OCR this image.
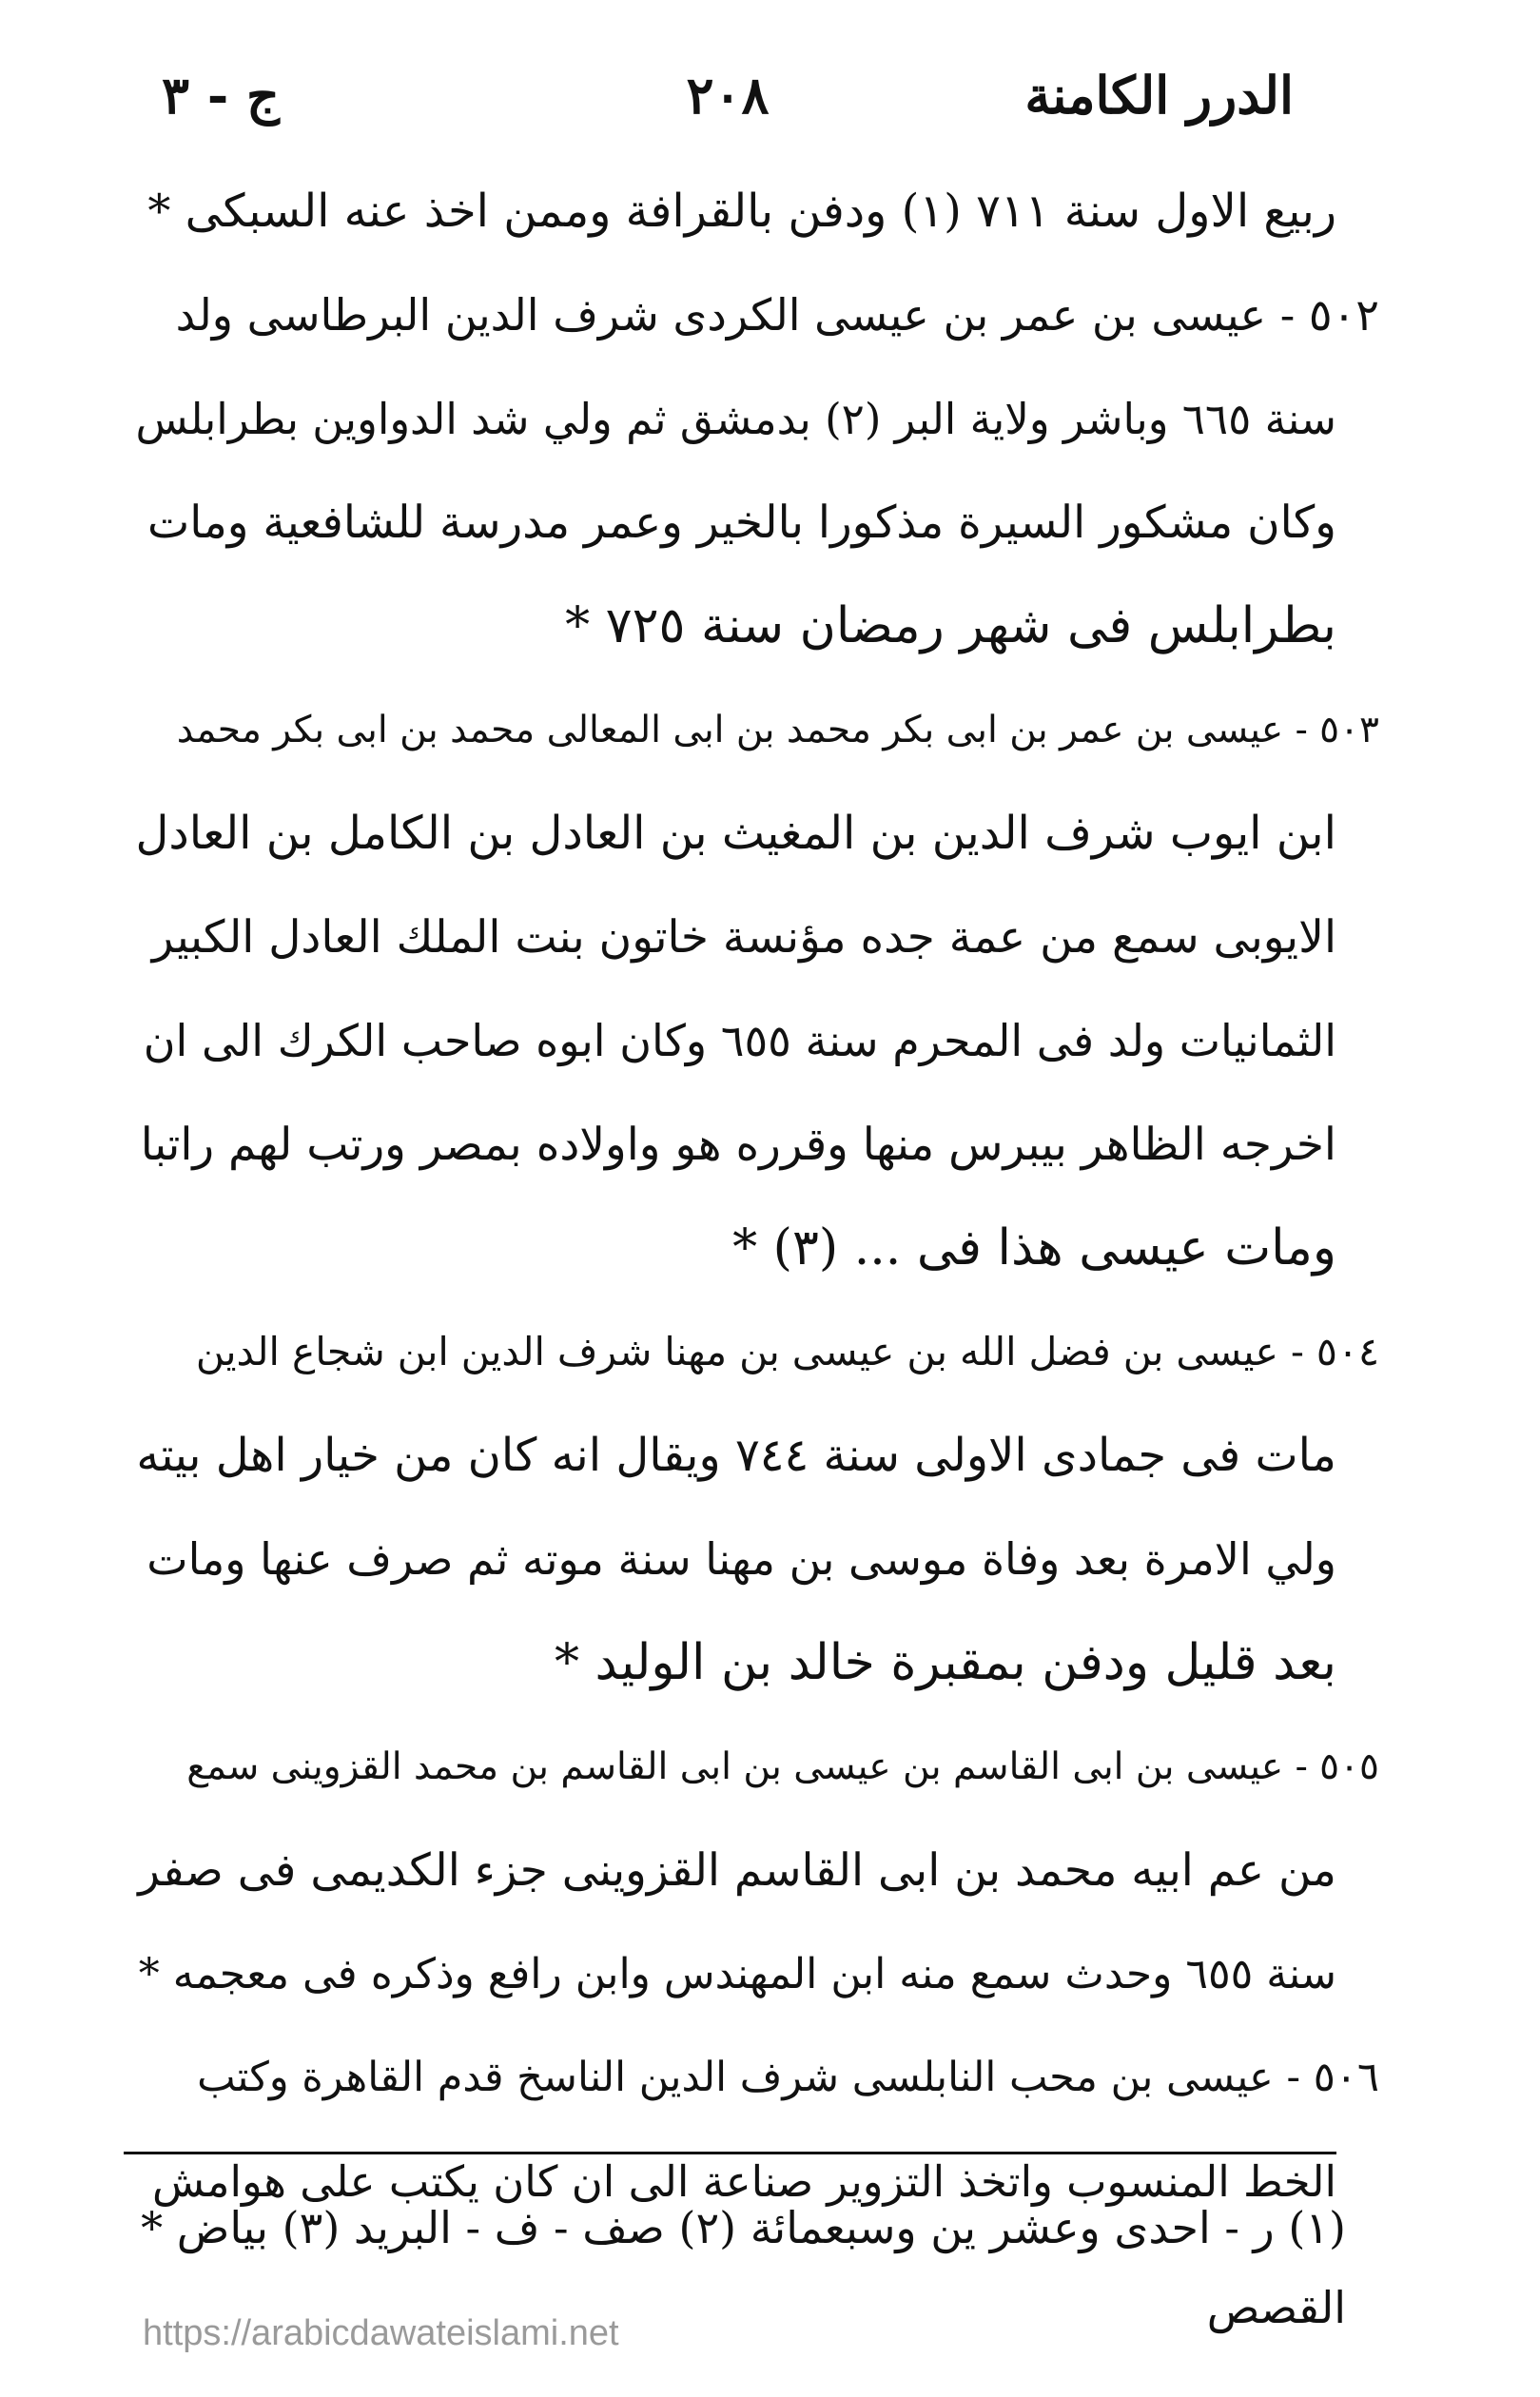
الدرر الكامنة
٢٠٨
ج - ٣
ربيع الاول سنة ٧١١ (١) ودفن بالقرافة وممن اخذ عنه السبكى *
٥٠٢ - عيسى بن عمر بن عيسى الكردى شرف الدين البرطاسى ولد
سنة ٦٦٥ وباشر ولاية البر (٢) بدمشق ثم ولي شد الدواوين بطرابلس
وكان مشكور السيرة مذكورا بالخير وعمر مدرسة للشافعية ومات
بطرابلس فى شهر رمضان سنة ٧٢٥ *
٥٠٣ - عيسى بن عمر بن ابى بكر محمد بن ابى المعالى محمد بن ابى بكر محمد
ابن ايوب شرف الدين بن المغيث بن العادل بن الكامل بن العادل
الايوبى سمع من عمة جده مؤنسة خاتون بنت الملك العادل الكبير
الثمانيات ولد فى المحرم سنة ٦٥٥ وكان ابوه صاحب الكرك الى ان
اخرجه الظاهر بيبرس منها وقرره هو واولاده بمصر ورتب لهم راتبا
ومات عيسى هذا فى ... (٣) *
٥٠٤ - عيسى بن فضل الله بن عيسى بن مهنا شرف الدين ابن شجاع الدين
مات فى جمادى الاولى سنة ٧٤٤ ويقال انه كان من خيار اهل بيته
ولي الامرة بعد وفاة موسى بن مهنا سنة موته ثم صرف عنها ومات
بعد قليل ودفن بمقبرة خالد بن الوليد *
٥٠٥ - عيسى بن ابى القاسم بن عيسى بن ابى القاسم بن محمد القزوينى سمع
من عم ابيه محمد بن ابى القاسم القزوينى جزء الكديمى فى صفر
سنة ٦٥٥ وحدث سمع منه ابن المهندس وابن رافع وذكره فى معجمه *
٥٠٦ - عيسى بن محب النابلسى شرف الدين الناسخ قدم القاهرة وكتب
الخط المنسوب واتخذ التزوير صناعة الى ان كان يكتب على هوامش
(١) ر - احدى وعشر ين وسبعمائة (٢) صف - ف - البريد (٣) بياض *
القصص
https://arabicdawateislami.net
